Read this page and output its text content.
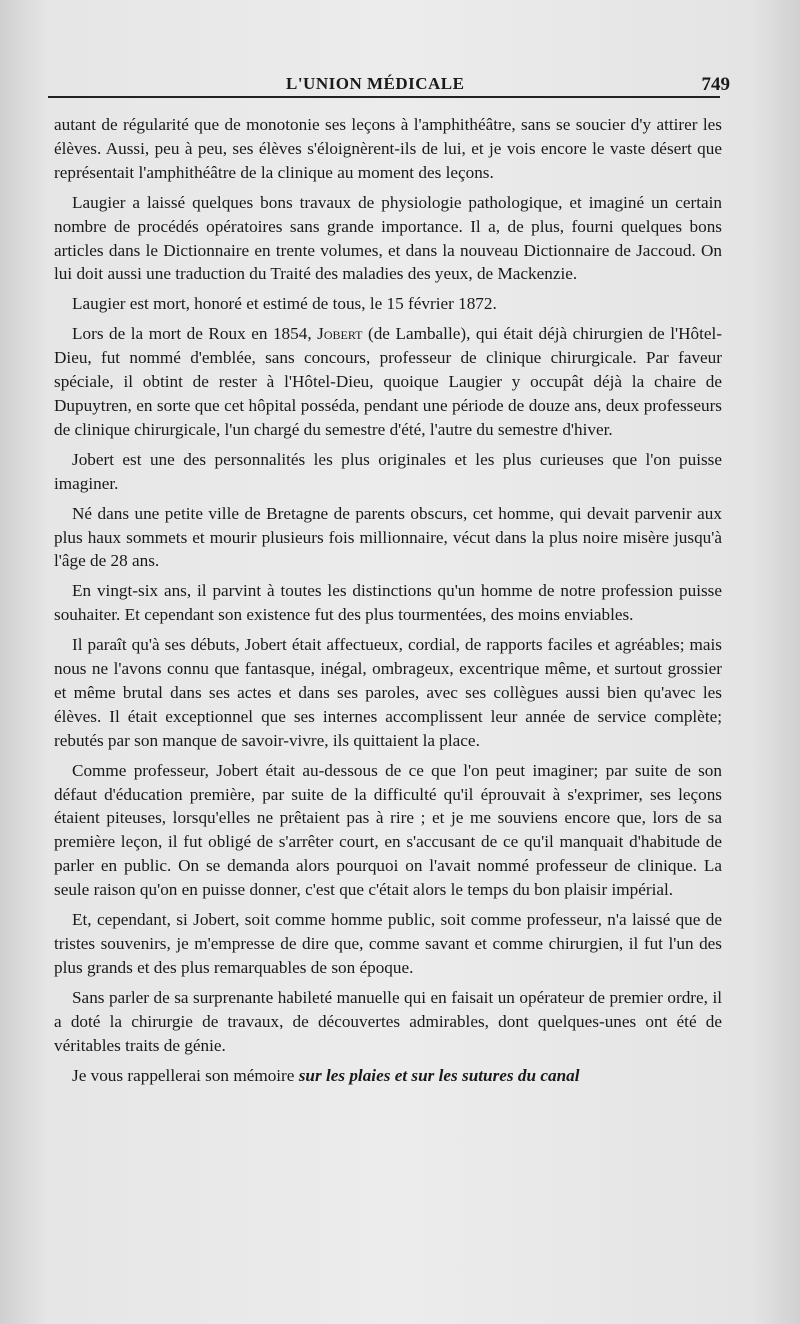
L'UNION MÉDICALE	749

autant de régularité que de monotonie ses leçons à l'amphithéâtre, sans se soucier d'y attirer les élèves. Aussi, peu à peu, ses élèves s'éloignèrent-ils de lui, et je vois encore le vaste désert que représentait l'amphithéâtre de la clinique au moment des leçons.

Laugier a laissé quelques bons travaux de physiologie pathologique, et imaginé un certain nombre de procédés opératoires sans grande importance. Il a, de plus, fourni quelques bons articles dans le Dictionnaire en trente volumes, et dans la nouveau Dictionnaire de Jaccoud. On lui doit aussi une traduction du Traité des maladies des yeux, de Mackenzie.

Laugier est mort, honoré et estimé de tous, le 15 février 1872.

Lors de la mort de Roux en 1854, Jobert (de Lamballe), qui était déjà chirurgien de l'Hôtel-Dieu, fut nommé d'emblée, sans concours, professeur de clinique chirurgicale. Par faveur spéciale, il obtint de rester à l'Hôtel-Dieu, quoique Laugier y occupât déjà la chaire de Dupuytren, en sorte que cet hôpital posséda, pendant une période de douze ans, deux professeurs de clinique chirurgicale, l'un chargé du semestre d'été, l'autre du semestre d'hiver.

Jobert est une des personnalités les plus originales et les plus curieuses que l'on puisse imaginer.

Né dans une petite ville de Bretagne de parents obscurs, cet homme, qui devait parvenir aux plus haux sommets et mourir plusieurs fois millionnaire, vécut dans la plus noire misère jusqu'à l'âge de 28 ans.

En vingt-six ans, il parvint à toutes les distinctions qu'un homme de notre profession puisse souhaiter. Et cependant son existence fut des plus tourmentées, des moins enviables.

Il paraît qu'à ses débuts, Jobert était affectueux, cordial, de rapports faciles et agréables; mais nous ne l'avons connu que fantasque, inégal, ombrageux, excentrique même, et surtout grossier et même brutal dans ses actes et dans ses paroles, avec ses collègues aussi bien qu'avec les élèves. Il était exceptionnel que ses internes accomplissent leur année de service complète; rebutés par son manque de savoir-vivre, ils quittaient la place.

Comme professeur, Jobert était au-dessous de ce que l'on peut imaginer; par suite de son défaut d'éducation première, par suite de la difficulté qu'il éprouvait à s'exprimer, ses leçons étaient piteuses, lorsqu'elles ne prêtaient pas à rire ; et je me souviens encore que, lors de sa première leçon, il fut obligé de s'arrêter court, en s'accusant de ce qu'il manquait d'habitude de parler en public. On se demanda alors pourquoi on l'avait nommé professeur de clinique. La seule raison qu'on en puisse donner, c'est que c'était alors le temps du bon plaisir impérial.

Et, cependant, si Jobert, soit comme homme public, soit comme professeur, n'a laissé que de tristes souvenirs, je m'empresse de dire que, comme savant et comme chirurgien, il fut l'un des plus grands et des plus remarquables de son époque.

Sans parler de sa surprenante habileté manuelle qui en faisait un opérateur de premier ordre, il a doté la chirurgie de travaux, de découvertes admirables, dont quelques-unes ont été de véritables traits de génie.

Je vous rappellerai son mémoire sur les plaies et sur les sutures du canal
